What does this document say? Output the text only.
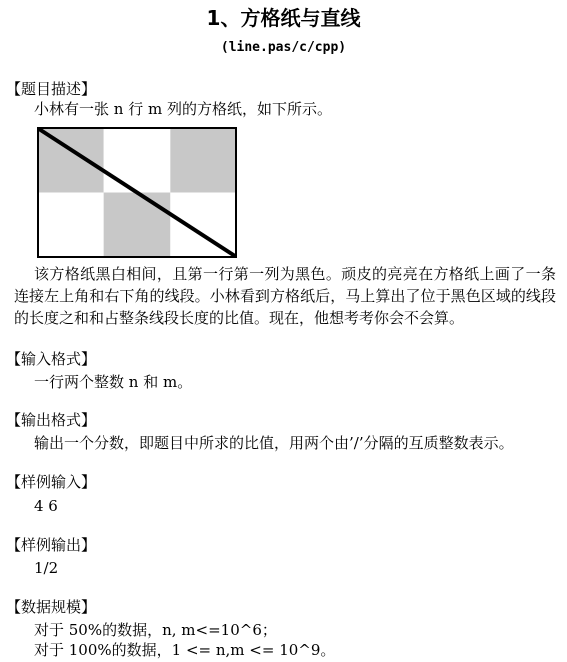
1、方格纸与直线
(line.pas/c/cpp)
【题目描述】
小林有一张 n 行 m 列的方格纸，如下所示。
该方格纸黑白相间，且第一行第一列为黑色。顽皮的亮亮在方格纸上画了一条连接左上角和右下角的线段。小林看到方格纸后，马上算出了位于黑色区域的线段的长度之和和占整条线段长度的比值。现在，他想考考你会不会算。
【输入格式】
一行两个整数 n 和 m。
【输出格式】
输出一个分数，即题目中所求的比值，用两个由’/’分隔的互质整数表示。
【样例输入】
4 6
【样例输出】
1/2
【数据规模】
对于 50%的数据，n, m<=10^6；
对于 100%的数据，1 <= n,m <= 10^9。
